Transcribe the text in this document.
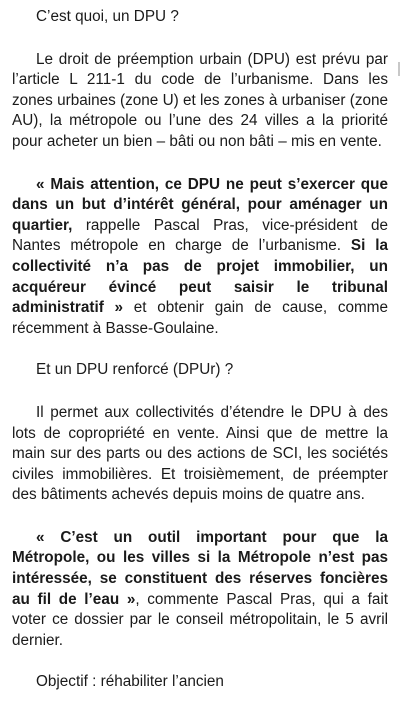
C’est quoi, un DPU ?

Le droit de préemption urbain (DPU) est prévu par l’article L 211-1 du code de l’urbanisme. Dans les zones urbaines (zone U) et les zones à urbaniser (zone AU), la métropole ou l’une des 24 villes a la priorité pour acheter un bien – bâti ou non bâti – mis en vente.

« Mais attention, ce DPU ne peut s’exercer que dans un but d’intérêt général, pour aménager un quartier, rappelle Pascal Pras, vice-président de Nantes métropole en charge de l’urbanisme. Si la collectivité n’a pas de projet immobilier, un acquéreur évincé peut saisir le tribunal administratif » et obtenir gain de cause, comme récemment à Basse-Goulaine.

Et un DPU renforcé (DPUr) ?

Il permet aux collectivités d’étendre le DPU à des lots de copropriété en vente. Ainsi que de mettre la main sur des parts ou des actions de SCI, les sociétés civiles immobilières. Et troisièmement, de préempter des bâtiments achevés depuis moins de quatre ans.

« C’est un outil important pour que la Métropole, ou les villes si la Métropole n’est pas intéressée, se constituent des réserves foncières au fil de l’eau », commente Pascal Pras, qui a fait voter ce dossier par le conseil métropolitain, le 5 avril dernier.

Objectif : réhabiliter l’ancien
